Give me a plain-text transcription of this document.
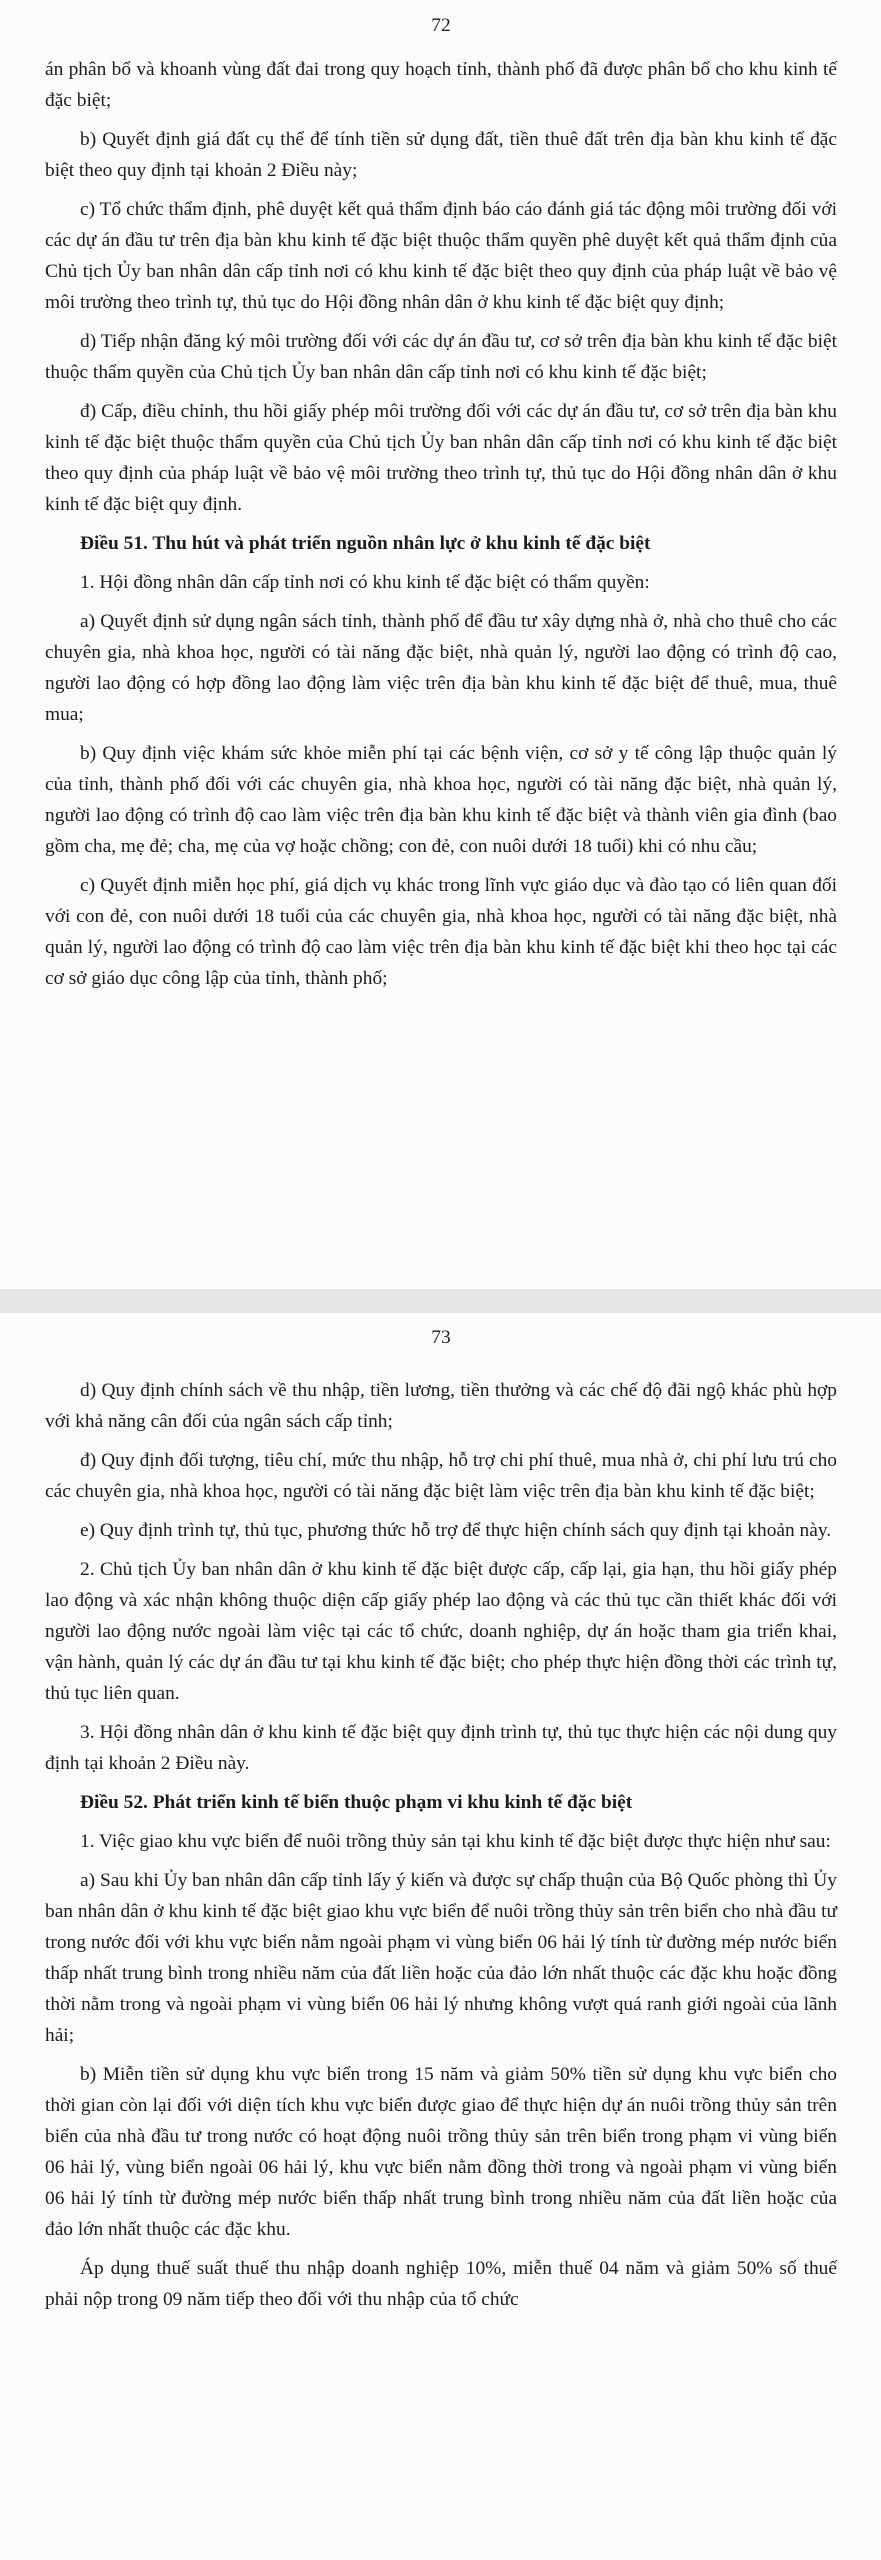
72

án phân bổ và khoanh vùng đất đai trong quy hoạch tỉnh, thành phố đã được phân bổ cho khu kinh tế đặc biệt;

b) Quyết định giá đất cụ thể để tính tiền sử dụng đất, tiền thuê đất trên địa bàn khu kinh tế đặc biệt theo quy định tại khoản 2 Điều này;

c) Tổ chức thẩm định, phê duyệt kết quả thẩm định báo cáo đánh giá tác động môi trường đối với các dự án đầu tư trên địa bàn khu kinh tế đặc biệt thuộc thẩm quyền phê duyệt kết quả thẩm định của Chủ tịch Ủy ban nhân dân cấp tỉnh nơi có khu kinh tế đặc biệt theo quy định của pháp luật về bảo vệ môi trường theo trình tự, thủ tục do Hội đồng nhân dân ở khu kinh tế đặc biệt quy định;

d) Tiếp nhận đăng ký môi trường đối với các dự án đầu tư, cơ sở trên địa bàn khu kinh tế đặc biệt thuộc thẩm quyền của Chủ tịch Ủy ban nhân dân cấp tỉnh nơi có khu kinh tế đặc biệt;

đ) Cấp, điều chỉnh, thu hồi giấy phép môi trường đối với các dự án đầu tư, cơ sở trên địa bàn khu kinh tế đặc biệt thuộc thẩm quyền của Chủ tịch Ủy ban nhân dân cấp tỉnh nơi có khu kinh tế đặc biệt theo quy định của pháp luật về bảo vệ môi trường theo trình tự, thủ tục do Hội đồng nhân dân ở khu kinh tế đặc biệt quy định.

Điều 51. Thu hút và phát triển nguồn nhân lực ở khu kinh tế đặc biệt

1. Hội đồng nhân dân cấp tỉnh nơi có khu kinh tế đặc biệt có thẩm quyền:

a) Quyết định sử dụng ngân sách tỉnh, thành phố để đầu tư xây dựng nhà ở, nhà cho thuê cho các chuyên gia, nhà khoa học, người có tài năng đặc biệt, nhà quản lý, người lao động có trình độ cao, người lao động có hợp đồng lao động làm việc trên địa bàn khu kinh tế đặc biệt để thuê, mua, thuê mua;

b) Quy định việc khám sức khỏe miễn phí tại các bệnh viện, cơ sở y tế công lập thuộc quản lý của tỉnh, thành phố đối với các chuyên gia, nhà khoa học, người có tài năng đặc biệt, nhà quản lý, người lao động có trình độ cao làm việc trên địa bàn khu kinh tế đặc biệt và thành viên gia đình (bao gồm cha, mẹ đẻ; cha, mẹ của vợ hoặc chồng; con đẻ, con nuôi dưới 18 tuổi) khi có nhu cầu;

c) Quyết định miễn học phí, giá dịch vụ khác trong lĩnh vực giáo dục và đào tạo có liên quan đối với con đẻ, con nuôi dưới 18 tuổi của các chuyên gia, nhà khoa học, người có tài năng đặc biệt, nhà quản lý, người lao động có trình độ cao làm việc trên địa bàn khu kinh tế đặc biệt khi theo học tại các cơ sở giáo dục công lập của tỉnh, thành phố;

73

d) Quy định chính sách về thu nhập, tiền lương, tiền thưởng và các chế độ đãi ngộ khác phù hợp với khả năng cân đối của ngân sách cấp tỉnh;

đ) Quy định đối tượng, tiêu chí, mức thu nhập, hỗ trợ chi phí thuê, mua nhà ở, chi phí lưu trú cho các chuyên gia, nhà khoa học, người có tài năng đặc biệt làm việc trên địa bàn khu kinh tế đặc biệt;

e) Quy định trình tự, thủ tục, phương thức hỗ trợ để thực hiện chính sách quy định tại khoản này.

2. Chủ tịch Ủy ban nhân dân ở khu kinh tế đặc biệt được cấp, cấp lại, gia hạn, thu hồi giấy phép lao động và xác nhận không thuộc diện cấp giấy phép lao động và các thủ tục cần thiết khác đối với người lao động nước ngoài làm việc tại các tổ chức, doanh nghiệp, dự án hoặc tham gia triển khai, vận hành, quản lý các dự án đầu tư tại khu kinh tế đặc biệt; cho phép thực hiện đồng thời các trình tự, thủ tục liên quan.

3. Hội đồng nhân dân ở khu kinh tế đặc biệt quy định trình tự, thủ tục thực hiện các nội dung quy định tại khoản 2 Điều này.

Điều 52. Phát triển kinh tế biển thuộc phạm vi khu kinh tế đặc biệt

1. Việc giao khu vực biển để nuôi trồng thủy sản tại khu kinh tế đặc biệt được thực hiện như sau:

a) Sau khi Ủy ban nhân dân cấp tỉnh lấy ý kiến và được sự chấp thuận của Bộ Quốc phòng thì Ủy ban nhân dân ở khu kinh tế đặc biệt giao khu vực biển để nuôi trồng thủy sản trên biển cho nhà đầu tư trong nước đối với khu vực biển nằm ngoài phạm vi vùng biển 06 hải lý tính từ đường mép nước biển thấp nhất trung bình trong nhiều năm của đất liền hoặc của đảo lớn nhất thuộc các đặc khu hoặc đồng thời nằm trong và ngoài phạm vi vùng biển 06 hải lý nhưng không vượt quá ranh giới ngoài của lãnh hải;

b) Miễn tiền sử dụng khu vực biển trong 15 năm và giảm 50% tiền sử dụng khu vực biển cho thời gian còn lại đối với diện tích khu vực biển được giao để thực hiện dự án nuôi trồng thủy sản trên biển của nhà đầu tư trong nước có hoạt động nuôi trồng thủy sản trên biển trong phạm vi vùng biển 06 hải lý, vùng biển ngoài 06 hải lý, khu vực biển nằm đồng thời trong và ngoài phạm vi vùng biển 06 hải lý tính từ đường mép nước biển thấp nhất trung bình trong nhiều năm của đất liền hoặc của đảo lớn nhất thuộc các đặc khu.

Áp dụng thuế suất thuế thu nhập doanh nghiệp 10%, miễn thuế 04 năm và giảm 50% số thuế phải nộp trong 09 năm tiếp theo đối với thu nhập của tổ chức
